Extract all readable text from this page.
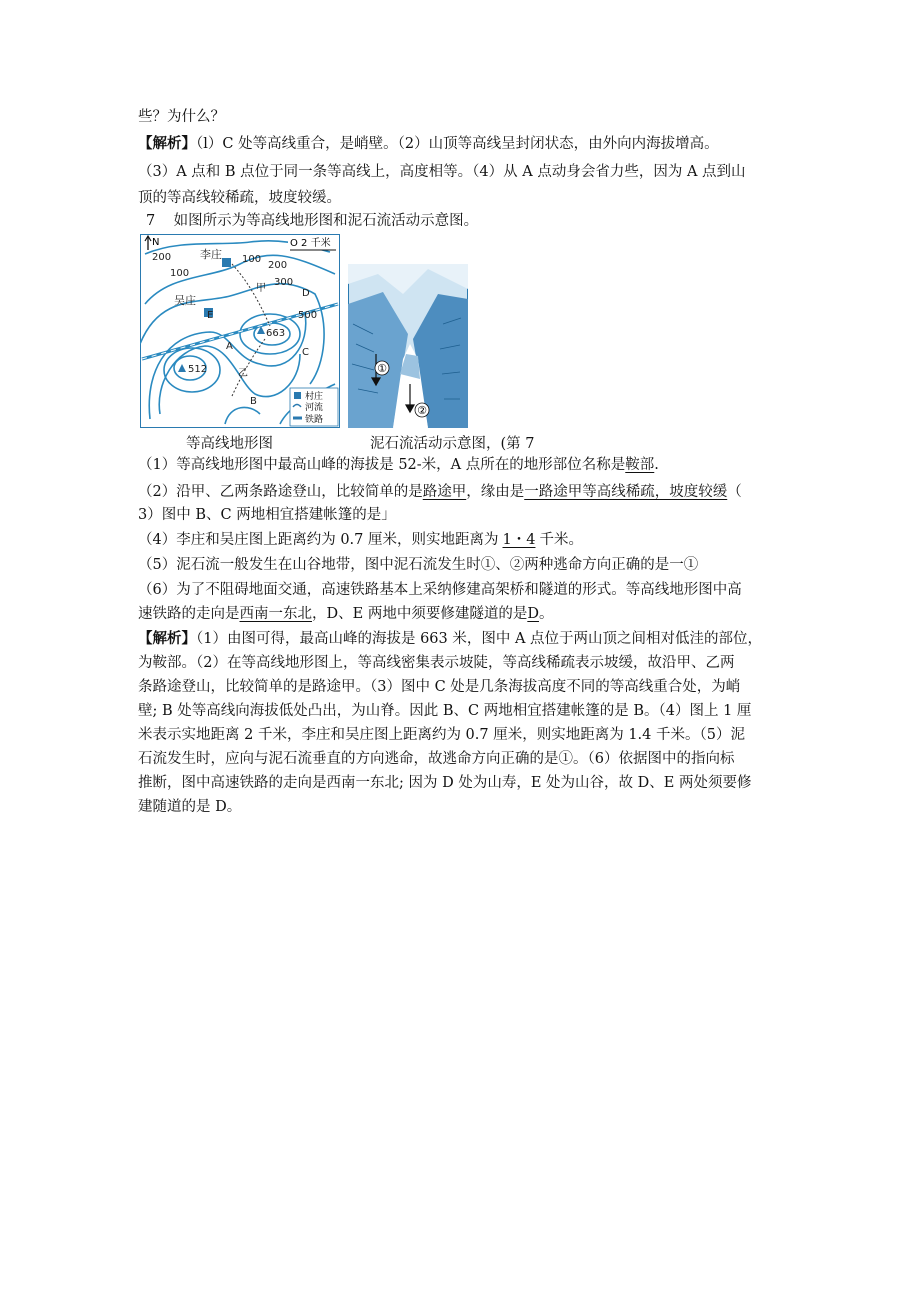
些？为什么？
【解析】（l）C 处等高线重合，是峭壁。（2）山顶等高线呈封闭状态，由外向内海拔增高。
（3）A 点和 B 点位于同一条等高线上，高度相等。（4）从 A 点动身会省力些，因为 A 点到山
顶的等高线较稀疏，坡度较缓。
7    如图所示为等高线地形图和泥石流活动示意图。
N	O 2 千米
200
100
100
李庄
200
300
甲
吴庄
E
D
500
663
A
C
512	乙
B	村庄
河流
铁路
①
②
等高线地形图	泥石流活动示意图，(第 7
（1）等高线地形图中最高山峰的海拔是 52-米，A 点所在的地形部位名称是鞍部.
（2）沿甲、乙两条路途登山，比较简单的是路途甲，缘由是一路途甲等高线稀疏，坡度较缓（
3）图中 B、C 两地相宜搭建帐篷的是」
（4）李庄和吴庄图上距离约为 0.7 厘米，则实地距离为 1・4 千米。
（5）泥石流一般发生在山谷地带，图中泥石流发生时①、②两种逃命方向正确的是一①
（6）为了不阻碍地面交通，高速铁路基本上采纳修建高架桥和隧道的形式。等高线地形图中高
速铁路的走向是西南一东北，D、E 两地中须要修建隧道的是D。
【解析】（1）由图可得，最高山峰的海拔是 663 米，图中 A 点位于两山顶之间相对低洼的部位，
为鞍部。（2）在等高线地形图上，等高线密集表示坡陡，等高线稀疏表示坡缓，故沿甲、乙两
条路途登山，比较简单的是路途甲。（3）图中 C 处是几条海拔高度不同的等高线重合处，为峭
壁; B 处等高线向海拔低处凸出，为山脊。因此 B、C 两地相宜搭建帐篷的是 B。（4）图上 1 厘
米表示实地距离 2 千米，李庄和吴庄图上距离约为 0.7 厘米，则实地距离为 1.4 千米。（5）泥
石流发生时，应向与泥石流垂直的方向逃命，故逃命方向正确的是①。（6）依据图中的指向标
推断，图中高速铁路的走向是西南一东北; 因为 D 处为山寿，E 处为山谷，故 D、E 两处须要修
建随道的是 D。
